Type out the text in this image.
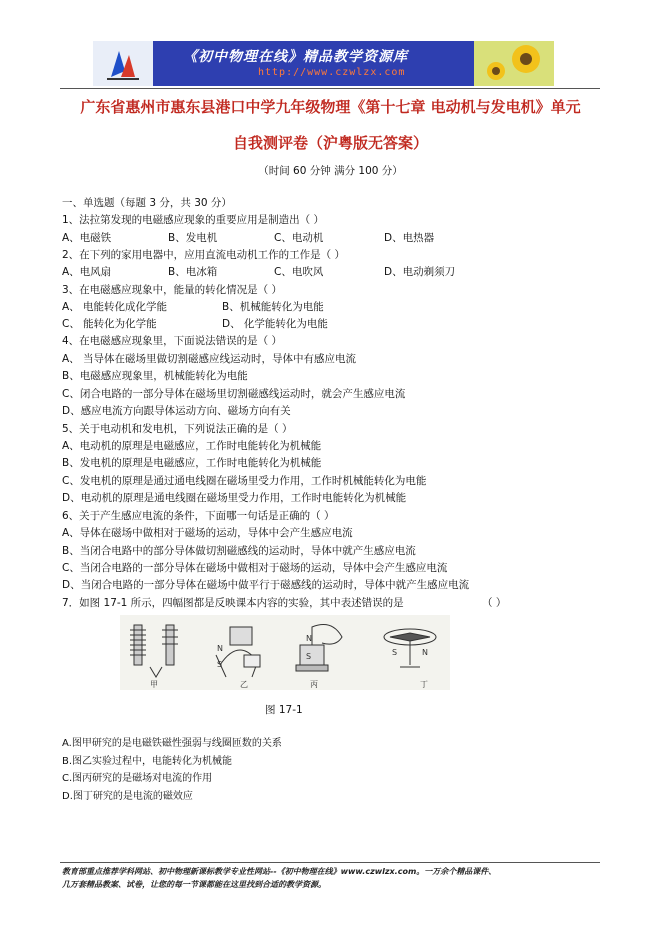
《初中物理在线》精品教学资源库
http://www.czwlzx.com
广东省惠州市惠东县港口中学九年级物理《第十七章 电动机与发电机》单元
自我测评卷（沪粤版无答案）
（时间 60 分钟 满分 100 分）
一、单选题（每题 3 分，共 30 分）
1、法拉第发现的电磁感应现象的重要应用是制造出（ ）
A、电磁铁	B、发电机	C、电动机	D、电热器
2、在下列的家用电器中，应用直流电动机工作的工作是（ ）
A、电风扇	B、电冰箱	C、电吹风	D、电动剃须刀
3、在电磁感应现象中，能量的转化情况是（ ）
A、 电能转化成化学能	B、机械能转化为电能
C、 能转化为化学能	D、 化学能转化为电能
4、在电磁感应现象里，下面说法错误的是（ ）
A、 当导体在磁场里做切割磁感应线运动时，导体中有感应电流
B、电磁感应现象里，机械能转化为电能
C、闭合电路的一部分导体在磁场里切割磁感线运动时，就会产生感应电流
D、感应电流方向跟导体运动方向、磁场方向有关
5、关于电动机和发电机，下列说法正确的是（ ）
A、电动机的原理是电磁感应，工作时电能转化为机械能
B、发电机的原理是电磁感应，工作时电能转化为机械能
C、发电机的原理是通过通电线圈在磁场里受力作用，工作时机械能转化为电能
D、电动机的原理是通电线圈在磁场里受力作用，工作时电能转化为机械能
6、关于产生感应电流的条件，下面哪一句话是正确的（ ）
A、导体在磁场中做相对于磁场的运动，导体中会产生感应电流
B、当闭合电路中的部分导体做切割磁感线的运动时，导体中就产生感应电流
C、当闭合电路的一部分导体在磁场中做相对于磁场的运动，导体中会产生感应电流
D、当闭合电路的一部分导体在磁场中做平行于磁感线的运动时，导体中就产生感应电流
7．如图 17-1 所示，四幅图都是反映课本内容的实验，其中表述错误的是	（ ）
N
S
N
S	S	N
甲	乙	丙	丁
图 17-1
A.图甲研究的是电磁铁磁性强弱与线圈匝数的关系
B.图乙实验过程中，电能转化为机械能
C.图丙研究的是磁场对电流的作用
D.图丁研究的是电流的磁效应
教育部重点推荐学科网站、初中物理新课标教学专业性网站--《初中物理在线》www.czwlzx.com。一万余个精品课件、
几万套精品教案、试卷，让您的每一节课都能在这里找到合适的教学资源。
